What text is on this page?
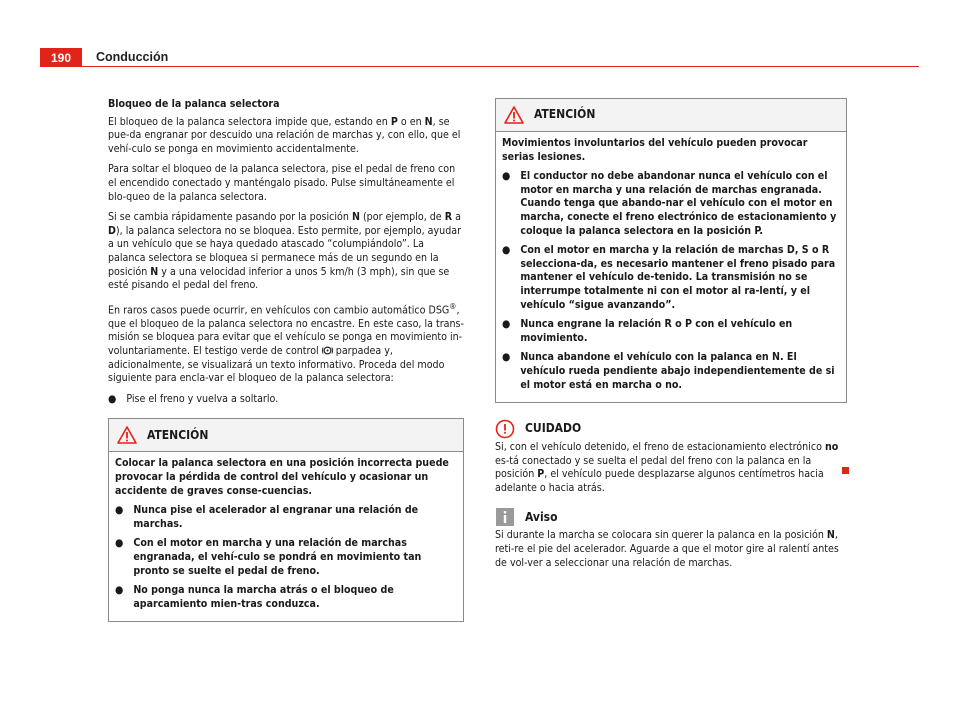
190	Conducción

Bloqueo de la palanca selectora

El bloqueo de la palanca selectora impide que, estando en P o en N, se pue-da engranar por descuido una relación de marchas y, con ello, que el vehí-culo se ponga en movimiento accidentalmente.

Para soltar el bloqueo de la palanca selectora, pise el pedal de freno con el encendido conectado y manténgalo pisado. Pulse simultáneamente el blo-queo de la palanca selectora.

Si se cambia rápidamente pasando por la posición N (por ejemplo, de R a D), la palanca selectora no se bloquea. Esto permite, por ejemplo, ayudar a un vehículo que se haya quedado atascado “columpiándolo”. La palanca selectora se bloquea si permanece más de un segundo en la posición N y a una velocidad inferior a unos 5 km/h (3 mph), sin que se esté pisando el pedal del freno.

En raros casos puede ocurrir, en vehículos con cambio automático DSG®, que el bloqueo de la palanca selectora no encastre. En este caso, la trans-misión se bloquea para evitar que el vehículo se ponga en movimiento in-voluntariamente. El testigo verde de control  parpadea y, adicionalmente, se visualizará un texto informativo. Proceda del modo siguiente para encla-var el bloqueo de la palanca selectora:

● Pise el freno y vuelva a soltarlo.
ATENCIÓN

Colocar la palanca selectora en una posición incorrecta puede provocar la pérdida de control del vehículo y ocasionar un accidente de graves conse-cuencias.

● Nunca pise el acelerador al engranar una relación de marchas.
● Con el motor en marcha y una relación de marchas engranada, el vehí-culo se pondrá en movimiento tan pronto se suelte el pedal de freno.
● No ponga nunca la marcha atrás o el bloqueo de aparcamiento mien-tras conduzca.
ATENCIÓN

Movimientos involuntarios del vehículo pueden provocar serias lesiones.

● El conductor no debe abandonar nunca el vehículo con el motor en marcha y una relación de marchas engranada. Cuando tenga que abando-nar el vehículo con el motor en marcha, conecte el freno electrónico de estacionamiento y coloque la palanca selectora en la posición P.
● Con el motor en marcha y la relación de marchas D, S o R selecciona-da, es necesario mantener el freno pisado para mantener el vehículo de-tenido. La transmisión no se interrumpe totalmente ni con el motor al ra-lentí, y el vehículo “sigue avanzando”.
● Nunca engrane la relación R o P con el vehículo en movimiento.
● Nunca abandone el vehículo con la palanca en N. El vehículo rueda pendiente abajo independientemente de si el motor está en marcha o no.
CUIDADO

Si, con el vehículo detenido, el freno de estacionamiento electrónico no es-tá conectado y se suelta el pedal del freno con la palanca en la posición P, el vehículo puede desplazarse algunos centímetros hacia adelante o hacia atrás.

Aviso

Si durante la marcha se colocara sin querer la palanca en la posición N, reti-re el pie del acelerador. Aguarde a que el motor gire al ralentí antes de vol-ver a seleccionar una relación de marchas.
